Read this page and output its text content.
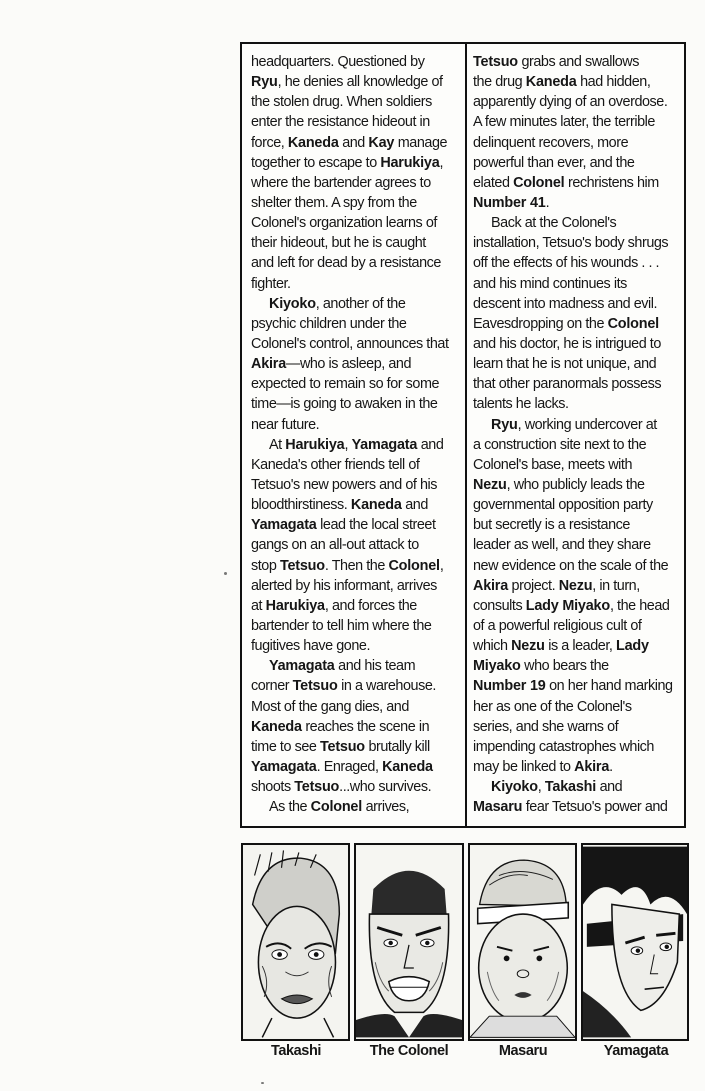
headquarters. Questioned by
Ryu, he denies all knowledge of
the stolen drug. When soldiers
enter the resistance hideout in
force, Kaneda and Kay manage
together to escape to Harukiya,
where the bartender agrees to
shelter them. A spy from the
Colonel's organization learns of
their hideout, but he is caught
and left for dead by a resistance
fighter.
Kiyoko, another of the
psychic children under the
Colonel's control, announces that
Akira—who is asleep, and
expected to remain so for some
time—is going to awaken in the
near future.
At Harukiya, Yamagata and
Kaneda's other friends tell of
Tetsuo's new powers and of his
bloodthirstiness. Kaneda and
Yamagata lead the local street
gangs on an all-out attack to
stop Tetsuo. Then the Colonel,
alerted by his informant, arrives
at Harukiya, and forces the
bartender to tell him where the
fugitives have gone.
Yamagata and his team
corner Tetsuo in a warehouse.
Most of the gang dies, and
Kaneda reaches the scene in
time to see Tetsuo brutally kill
Yamagata. Enraged, Kaneda
shoots Tetsuo...who survives.
As the Colonel arrives,
Tetsuo grabs and swallows
the drug Kaneda had hidden,
apparently dying of an overdose.
A few minutes later, the terrible
delinquent recovers, more
powerful than ever, and the
elated Colonel rechristens him
Number 41.
Back at the Colonel's
installation, Tetsuo's body shrugs
off the effects of his wounds . . .
and his mind continues its
descent into madness and evil.
Eavesdropping on the Colonel
and his doctor, he is intrigued to
learn that he is not unique, and
that other paranormals possess
talents he lacks.
Ryu, working undercover at
a construction site next to the
Colonel's base, meets with
Nezu, who publicly leads the
governmental opposition party
but secretly is a resistance
leader as well, and they share
new evidence on the scale of the
Akira project. Nezu, in turn,
consults Lady Miyako, the head
of a powerful religious cult of
which Nezu is a leader, Lady
Miyako who bears the
Number 19 on her hand marking
her as one of the Colonel's
series, and she warns of
impending catastrophes which
may be linked to Akira.
Kiyoko, Takashi and
Masaru fear Tetsuo's power and
Takashi	The Colonel	Masaru	Yamagata
